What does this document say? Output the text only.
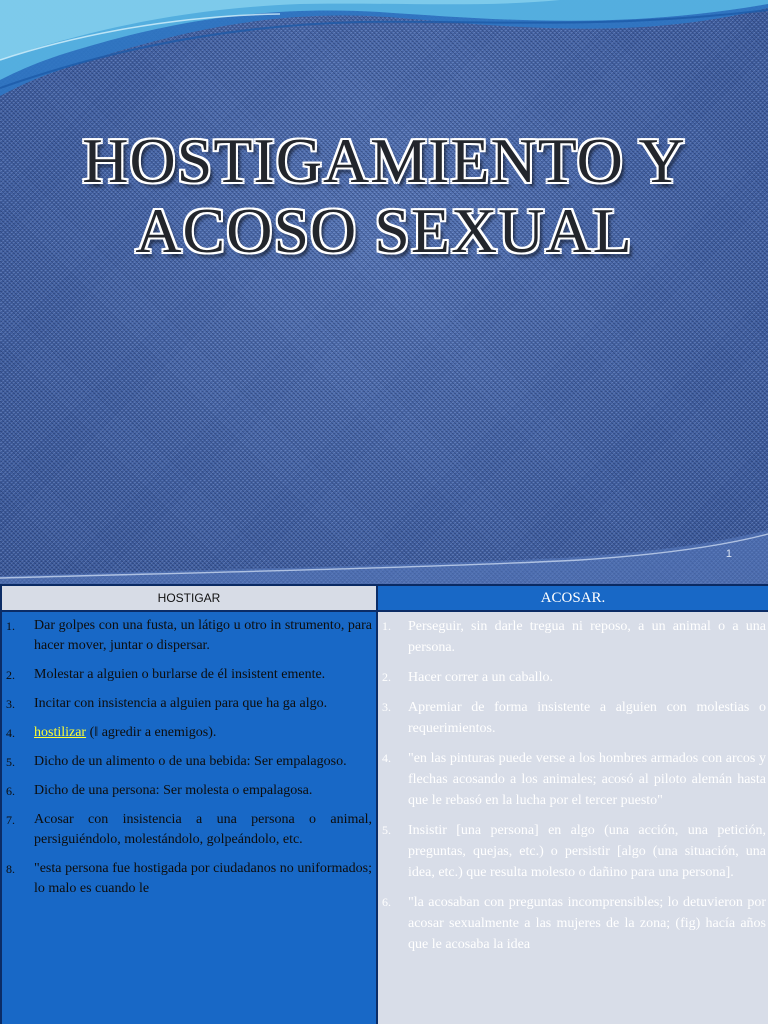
HOSTIGAMIENTO Y
ACOSO SEXUAL
1
HOSTIGAR
1. Dar golpes con una fusta, un látigo u otro in strumento, para hacer mover, juntar o dispersar.
2. Molestar a alguien o burlarse de él insistent emente.
3. Incitar con insistencia a alguien para que ha ga algo.
4. hostilizar (‖ agredir a enemigos).
5. Dicho de un alimento o de una bebida: Ser empalagoso.
6. Dicho de una persona: Ser molesta o empalagosa.
7. Acosar con insistencia a una persona o animal, persiguiéndolo, molestándolo, golpeándolo, etc.
8. "esta persona fue hostigada por ciudadanos no uniformados; lo malo es cuando le
ACOSAR.
1. Perseguir, sin darle tregua ni reposo, a un animal o a una persona.
2. Hacer correr a un caballo.
3. Apremiar de forma insistente a alguien con molestias o requerimientos.
4. "en las pinturas puede verse a los hombres armados con arcos y flechas acosando a los animales; acosó al piloto alemán hasta que le rebasó en la lucha por el tercer puesto"
5. Insistir [una persona] en algo (una acción, una petición, preguntas, quejas, etc.) o persistir [algo (una situación, una idea, etc.) que resulta molesto o dañino para una persona].
6. "la acosaban con preguntas incomprensibles; lo detuvieron por acosar sexualmente a las mujeres de la zona; (fig) hacía años que le acosaba la idea
